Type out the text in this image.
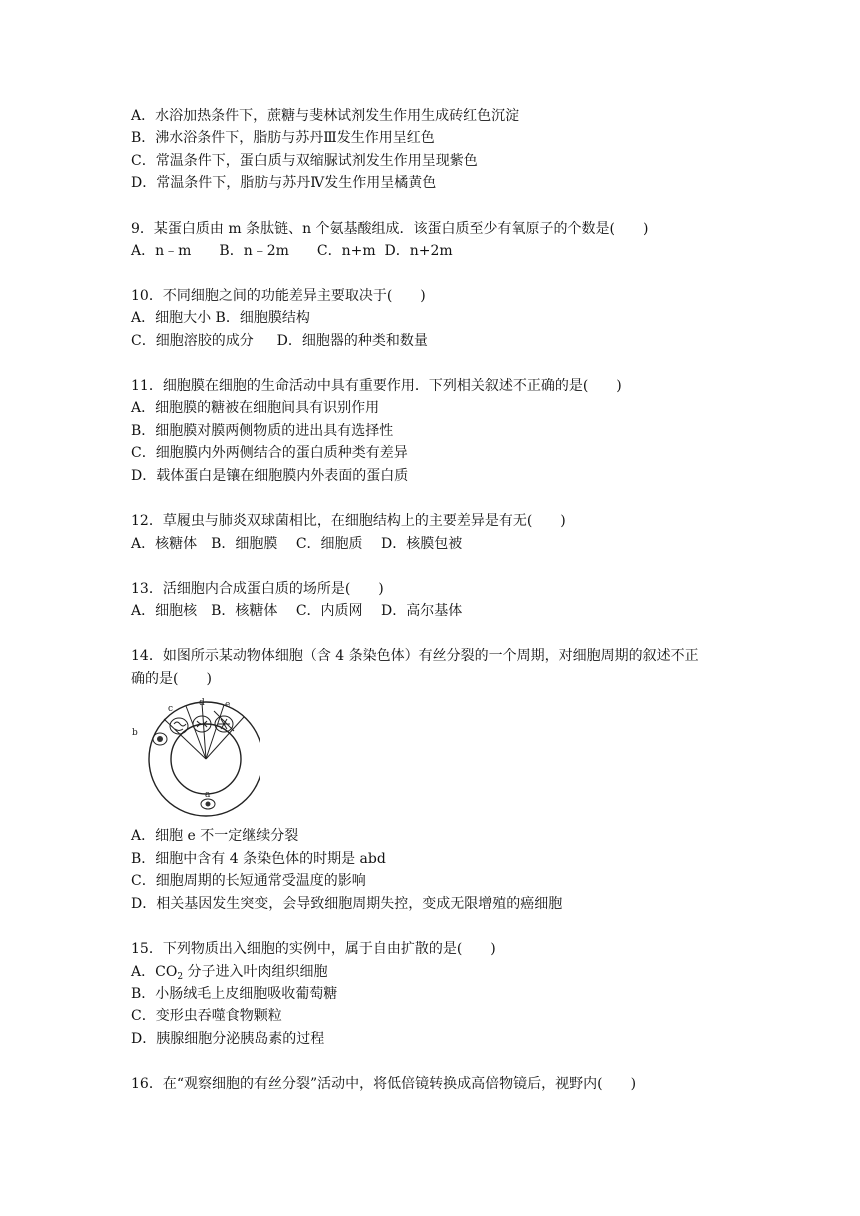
A．水浴加热条件下，蔗糖与斐林试剂发生作用生成砖红色沉淀
B．沸水浴条件下，脂肪与苏丹Ⅲ发生作用呈红色
C．常温条件下，蛋白质与双缩脲试剂发生作用呈现紫色
D．常温条件下，脂肪与苏丹Ⅳ发生作用呈橘黄色
9．某蛋白质由 m 条肽链、n 个氨基酸组成．该蛋白质至少有氧原子的个数是(　　)
A．n﹣m　　B．n﹣2m　　C．n+m  D．n+2m
10．不同细胞之间的功能差异主要取决于(　　)
A．细胞大小 B．细胞膜结构
C．细胞溶胶的成分　  D．细胞器的种类和数量
11．细胞膜在细胞的生命活动中具有重要作用．下列相关叙述不正确的是(　　)
A．细胞膜的糖被在细胞间具有识别作用
B．细胞膜对膜两侧物质的进出具有选择性
C．细胞膜内外两侧结合的蛋白质种类有差异
D．载体蛋白是镶在细胞膜内外表面的蛋白质
12．草履虫与肺炎双球菌相比，在细胞结构上的主要差异是有无(　　)
A．核糖体　B．细胞膜　 C．细胞质　 D．核膜包被
13．活细胞内合成蛋白质的场所是(　　)
A．细胞核　B．核糖体　 C．内质网　 D．高尔基体
14．如图所示某动物体细胞（含 4 条染色体）有丝分裂的一个周期，对细胞周期的叙述不正
确的是(　　)
b
c
d e
a
A．细胞 e 不一定继续分裂
B．细胞中含有 4 条染色体的时期是 abd
C．细胞周期的长短通常受温度的影响
D．相关基因发生突变，会导致细胞周期失控，变成无限增殖的癌细胞
15．下列物质出入细胞的实例中，属于自由扩散的是(　　)
A．$CO_2$ 分子进入叶肉组织细胞
B．小肠绒毛上皮细胞吸收葡萄糖
C．变形虫吞噬食物颗粒
D．胰腺细胞分泌胰岛素的过程
16．在“观察细胞的有丝分裂”活动中，将低倍镜转换成高倍物镜后，视野内(　　)
